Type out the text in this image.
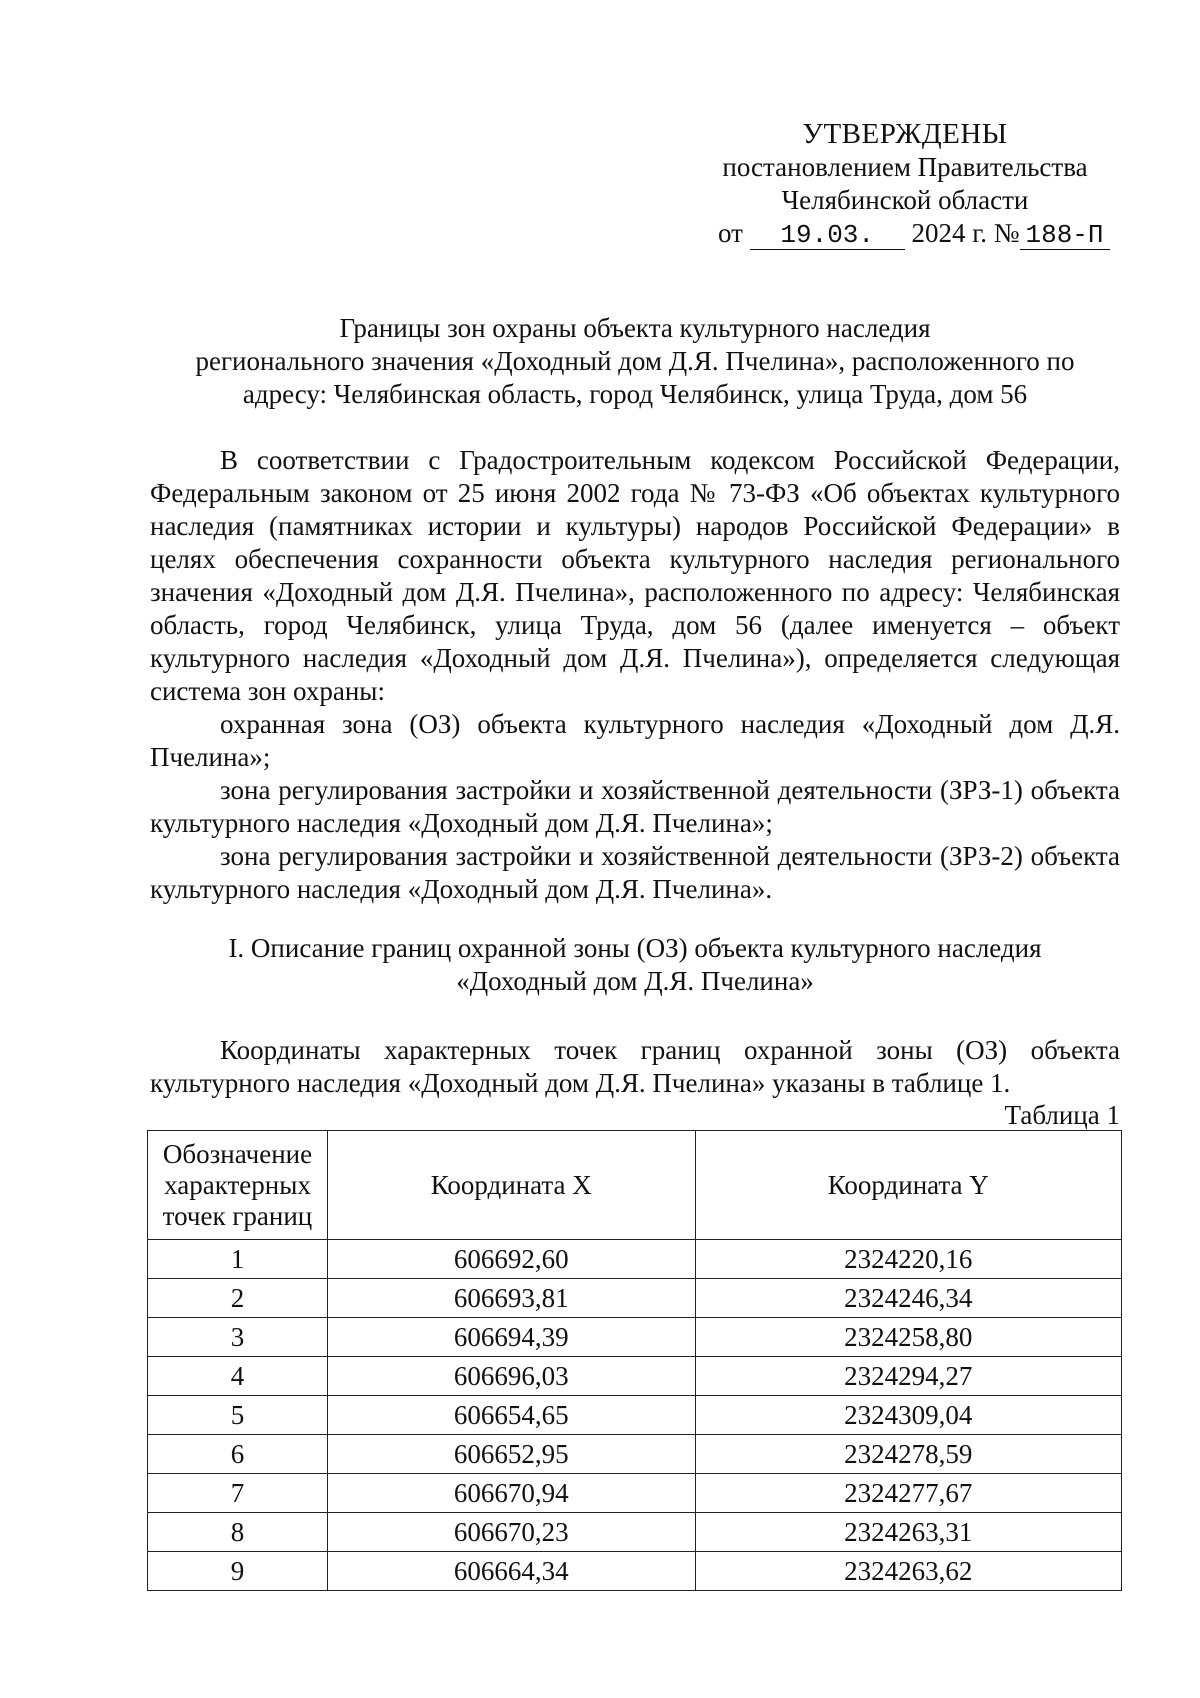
УТВЕРЖДЕНЫ
постановлением Правительства
Челябинской области
от 19.03. 2024 г. № 188-П
Границы зон охраны объекта культурного наследия
регионального значения «Доходный дом Д.Я. Пчелина», расположенного по
адресу: Челябинская область, город Челябинск, улица Труда, дом 56

В соответствии с Градостроительным кодексом Российской Федерации, Федеральным законом от 25 июня 2002 года № 73-ФЗ «Об объектах культурного наследия (памятниках истории и культуры) народов Российской Федерации» в целях обеспечения сохранности объекта культурного наследия регионального значения «Доходный дом Д.Я. Пчелина», расположенного по адресу: Челябинская область, город Челябинск, улица Труда, дом 56 (далее именуется – объект культурного наследия «Доходный дом Д.Я. Пчелина»), определяется следующая система зон охраны:

охранная зона (ОЗ) объекта культурного наследия «Доходный дом Д.Я. Пчелина»;

зона регулирования застройки и хозяйственной деятельности (ЗРЗ-1) объекта культурного наследия «Доходный дом Д.Я. Пчелина»;

зона регулирования застройки и хозяйственной деятельности (ЗРЗ-2) объекта культурного наследия «Доходный дом Д.Я. Пчелина».

I. Описание границ охранной зоны (ОЗ) объекта культурного наследия
«Доходный дом Д.Я. Пчелина»

Координаты характерных точек границ охранной зоны (ОЗ) объекта культурного наследия «Доходный дом Д.Я. Пчелина» указаны в таблице 1.

Таблица 1
Обозначение характерных точек границ	Координата X	Координата Y
1	606692,60	2324220,16
2	606693,81	2324246,34
3	606694,39	2324258,80
4	606696,03	2324294,27
5	606654,65	2324309,04
6	606652,95	2324278,59
7	606670,94	2324277,67
8	606670,23	2324263,31
9	606664,34	2324263,62
